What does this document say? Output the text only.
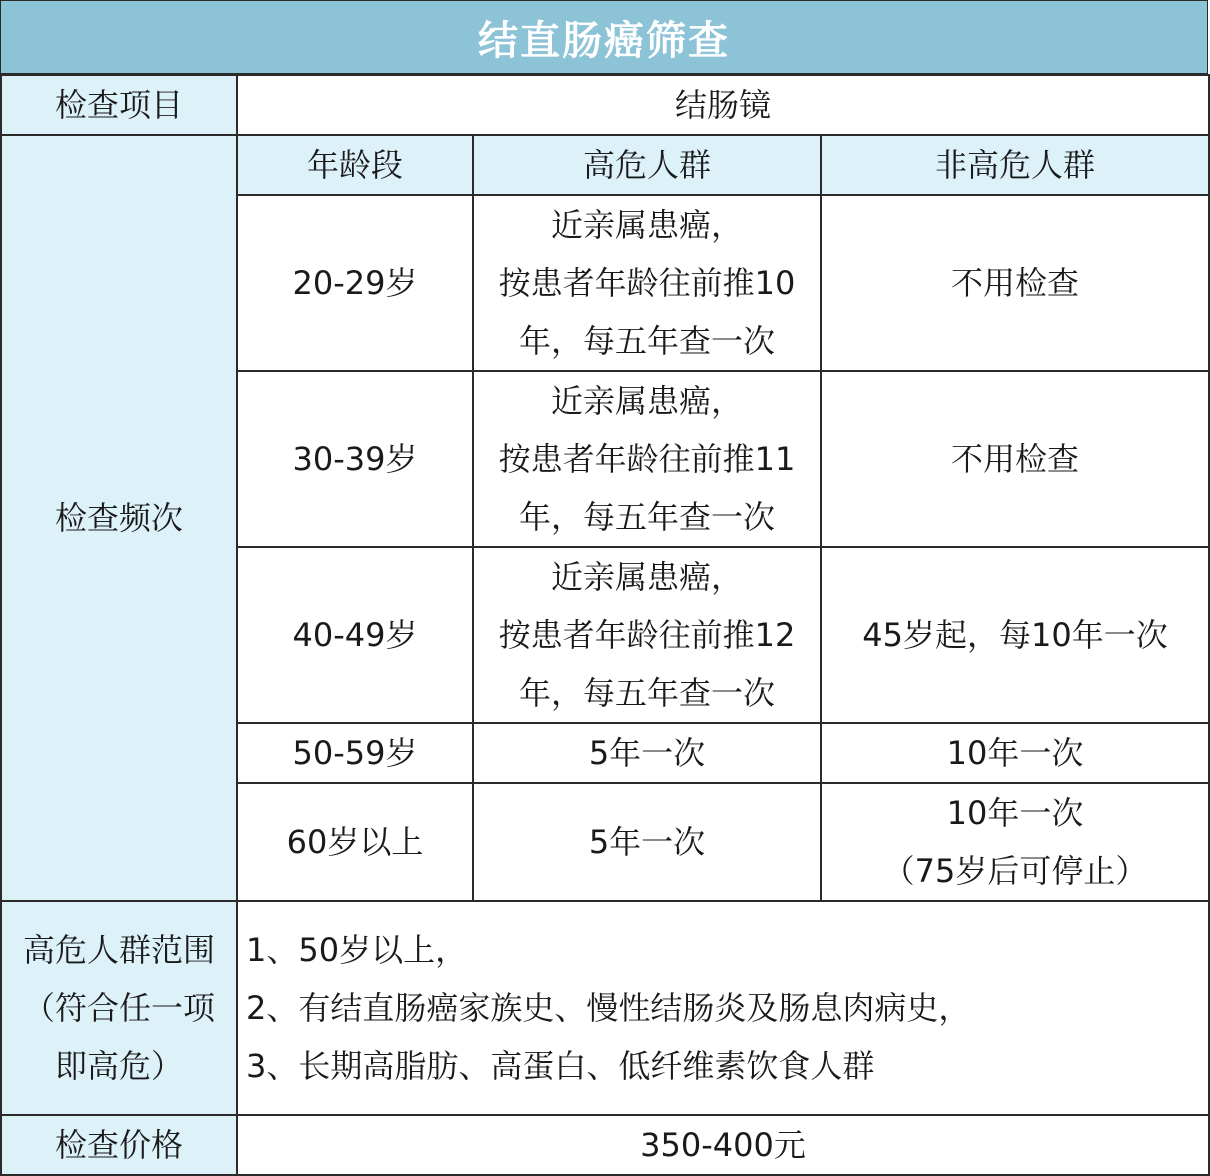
结直肠癌筛查
检查项目	结肠镜		
检查频次	年龄段	高危人群	非高危人群
	20-29岁	近亲属患癌，
按患者年龄往前推10
年，每五年查一次	不用检查
	30-39岁	近亲属患癌，
按患者年龄往前推11
年，每五年查一次	不用检查
	40-49岁	近亲属患癌，
按患者年龄往前推12
年，每五年查一次	45岁起，每10年一次
	50-59岁	5年一次	10年一次
	60岁以上	5年一次	10年一次
（75岁后可停止）

高危人群范围
（符合任一项
即高危）	1、50岁以上，
2、有结直肠癌家族史、慢性结肠炎及肠息肉病史，
3、长期高脂肪、高蛋白、低纤维素饮食人群		

检查价格	350-400元		
